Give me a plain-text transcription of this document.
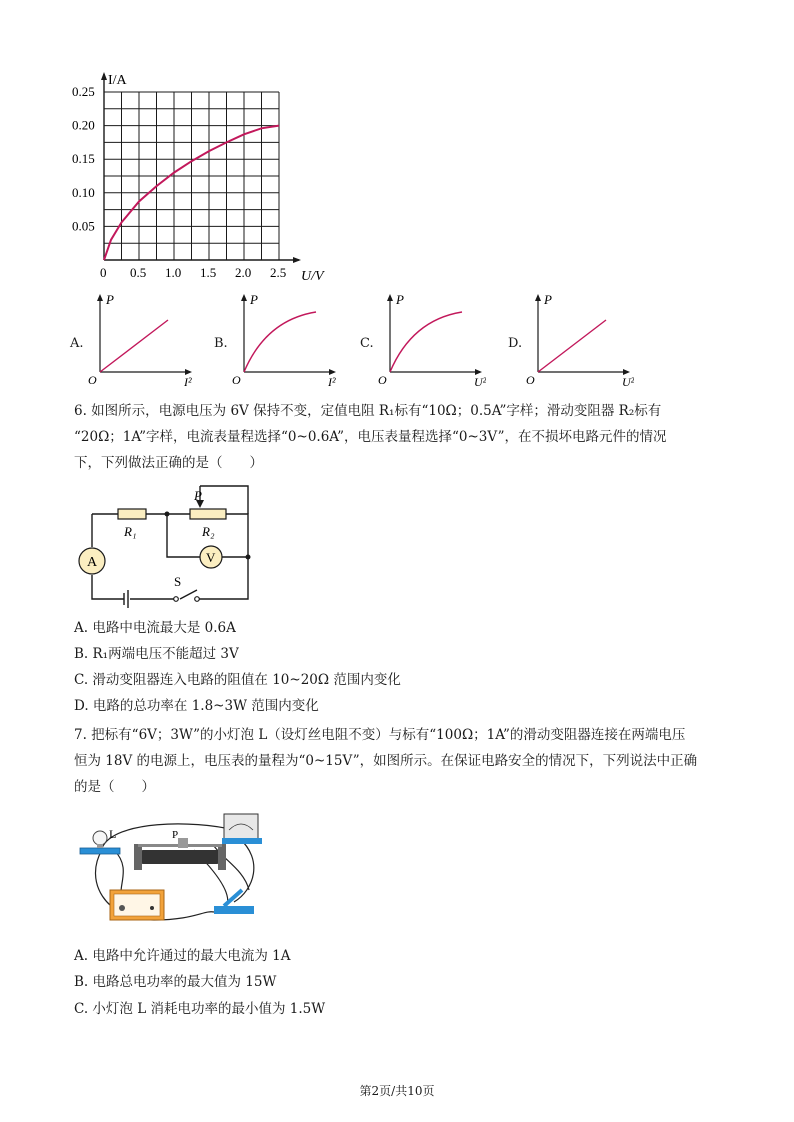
0 0.5 1.0 1.5 2.0 2.5
0.05
0.10
0.15
0.20
0.25
I/A
U/V
A.
P
O	I²
B.
P
O	I²
C.
P
O	U²
D.
P
O	U²
6. 如图所示，电源电压为 6V 保持不变，定值电阻 R₁标有“10Ω；0.5A”字样；滑动变阻器 R₂标有
“20Ω；1A”字样，电流表量程选择“0~0.6A”，电压表量程选择“0~3V”，在不损坏电路元件的情况
下，下列做法正确的是（　　）
A	V
R₁	R₂
P
S
A. 电路中电流最大是 0.6A
B. R₁两端电压不能超过 3V
C. 滑动变阻器连入电路的阻值在 10~20Ω 范围内变化
D. 电路的总功率在 1.8~3W 范围内变化
7. 把标有“6V；3W”的小灯泡 L（设灯丝电阻不变）与标有“100Ω；1A”的滑动变阻器连接在两端电压
恒为 18V 的电源上，电压表的量程为“0~15V”，如图所示。在保证电路安全的情况下，下列说法中正确
的是（　　）
L	P
A. 电路中允许通过的最大电流为 1A
B. 电路总电功率的最大值为 15W
C. 小灯泡 L 消耗电功率的最小值为 1.5W
第2页/共10页
